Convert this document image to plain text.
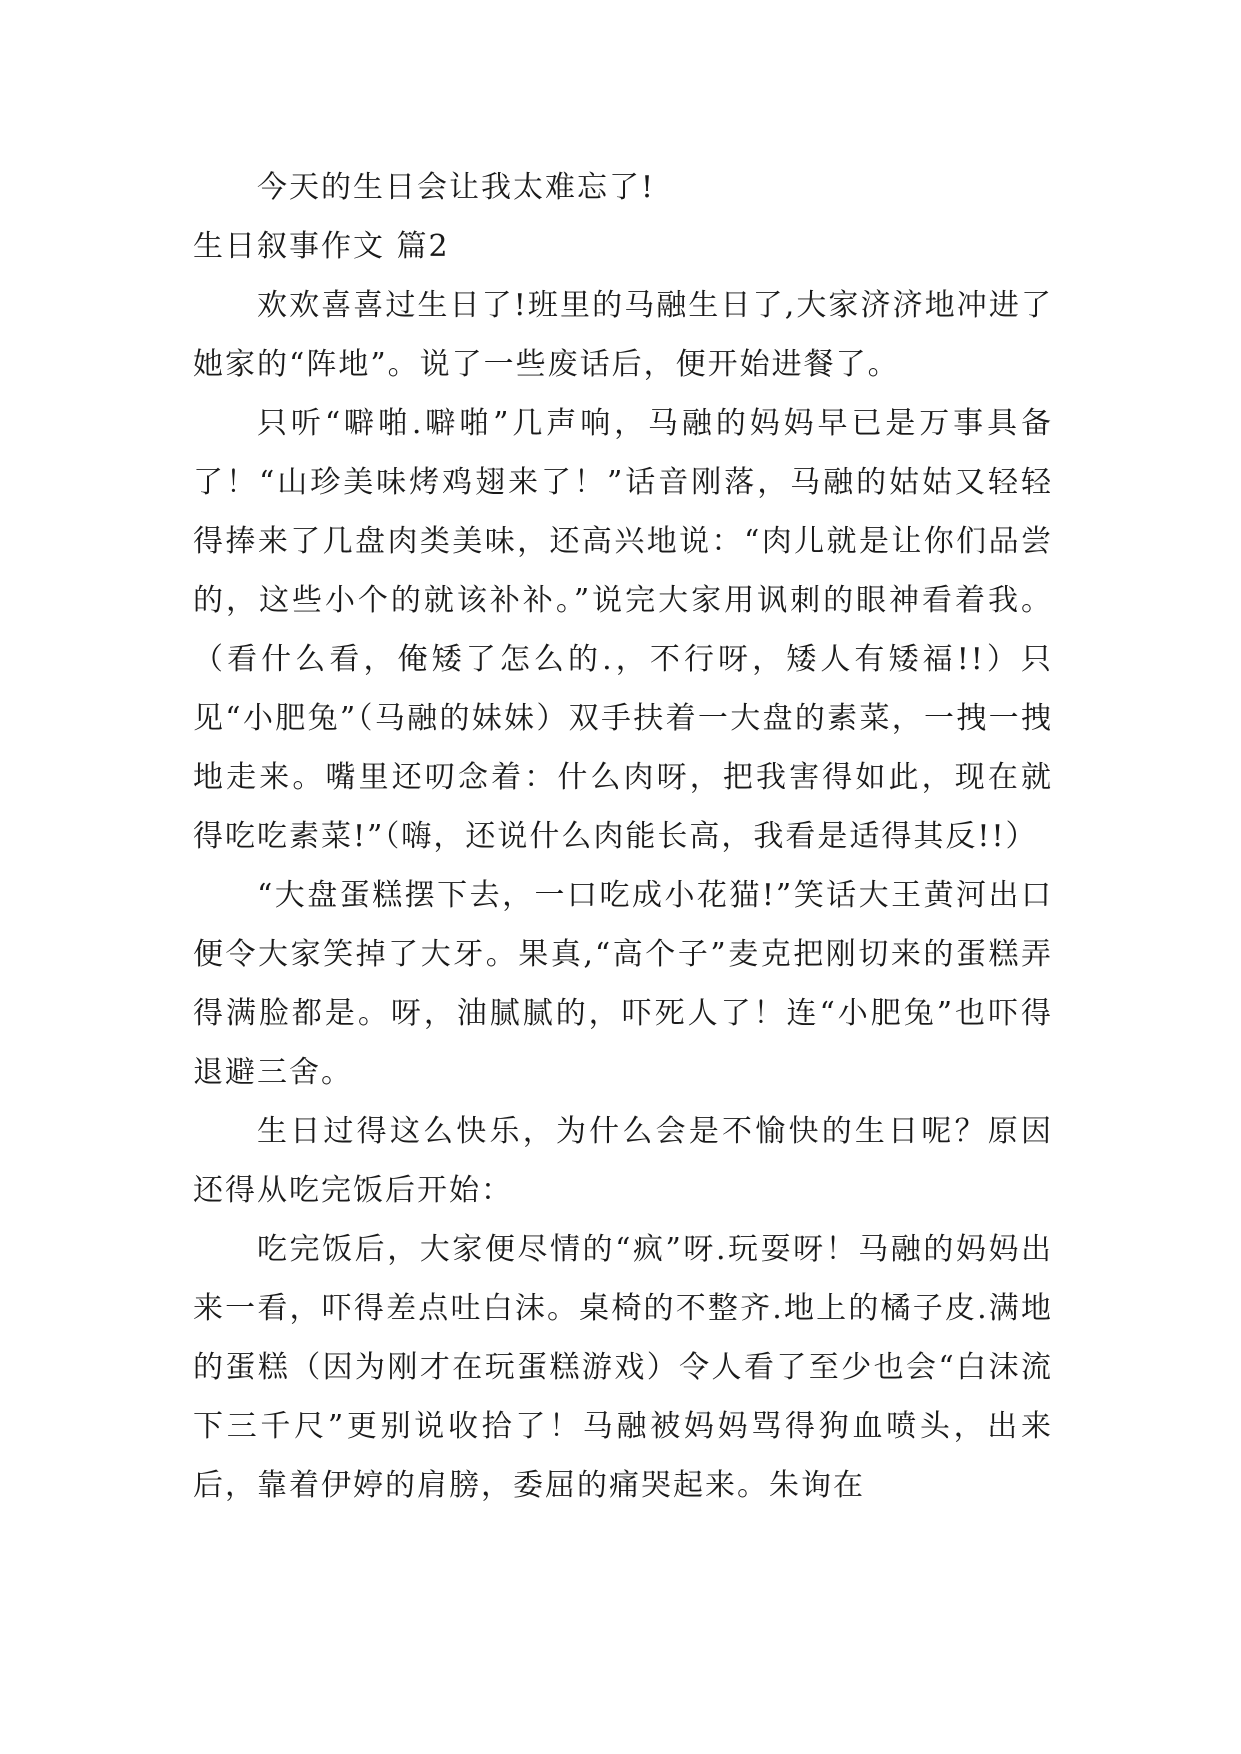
今天的生日会让我太难忘了!

生日叙事作文 篇2

欢欢喜喜过生日了!班里的马融生日了,大家济济地冲进了她家的“阵地”。说了一些废话后，便开始进餐了。

只听“噼啪.噼啪”几声响，马融的妈妈早已是万事具备了！“山珍美味烤鸡翅来了！”话音刚落，马融的姑姑又轻轻得捧来了几盘肉类美味，还高兴地说：“肉儿就是让你们品尝的，这些小个的就该补补。”说完大家用讽刺的眼神看着我。（看什么看，俺矮了怎么的.，不行呀，矮人有矮福!!）只见“小肥兔”（马融的妹妹）双手扶着一大盘的素菜，一拽一拽地走来。嘴里还叨念着：什么肉呀，把我害得如此，现在就得吃吃素菜!”（嗨，还说什么肉能长高，我看是适得其反!!）

“大盘蛋糕摆下去，一口吃成小花猫!”笑话大王黄河出口便令大家笑掉了大牙。果真,“高个子”麦克把刚切来的蛋糕弄得满脸都是。呀，油腻腻的，吓死人了！连“小肥兔”也吓得退避三舍。

生日过得这么快乐，为什么会是不愉快的生日呢？原因还得从吃完饭后开始：

吃完饭后，大家便尽情的“疯”呀.玩耍呀！马融的妈妈出来一看，吓得差点吐白沫。桌椅的不整齐.地上的橘子皮.满地的蛋糕（因为刚才在玩蛋糕游戏）令人看了至少也会“白沫流下三千尺”更别说收拾了！马融被妈妈骂得狗血喷头，出来后，靠着伊婷的肩膀，委屈的痛哭起来。朱询在
